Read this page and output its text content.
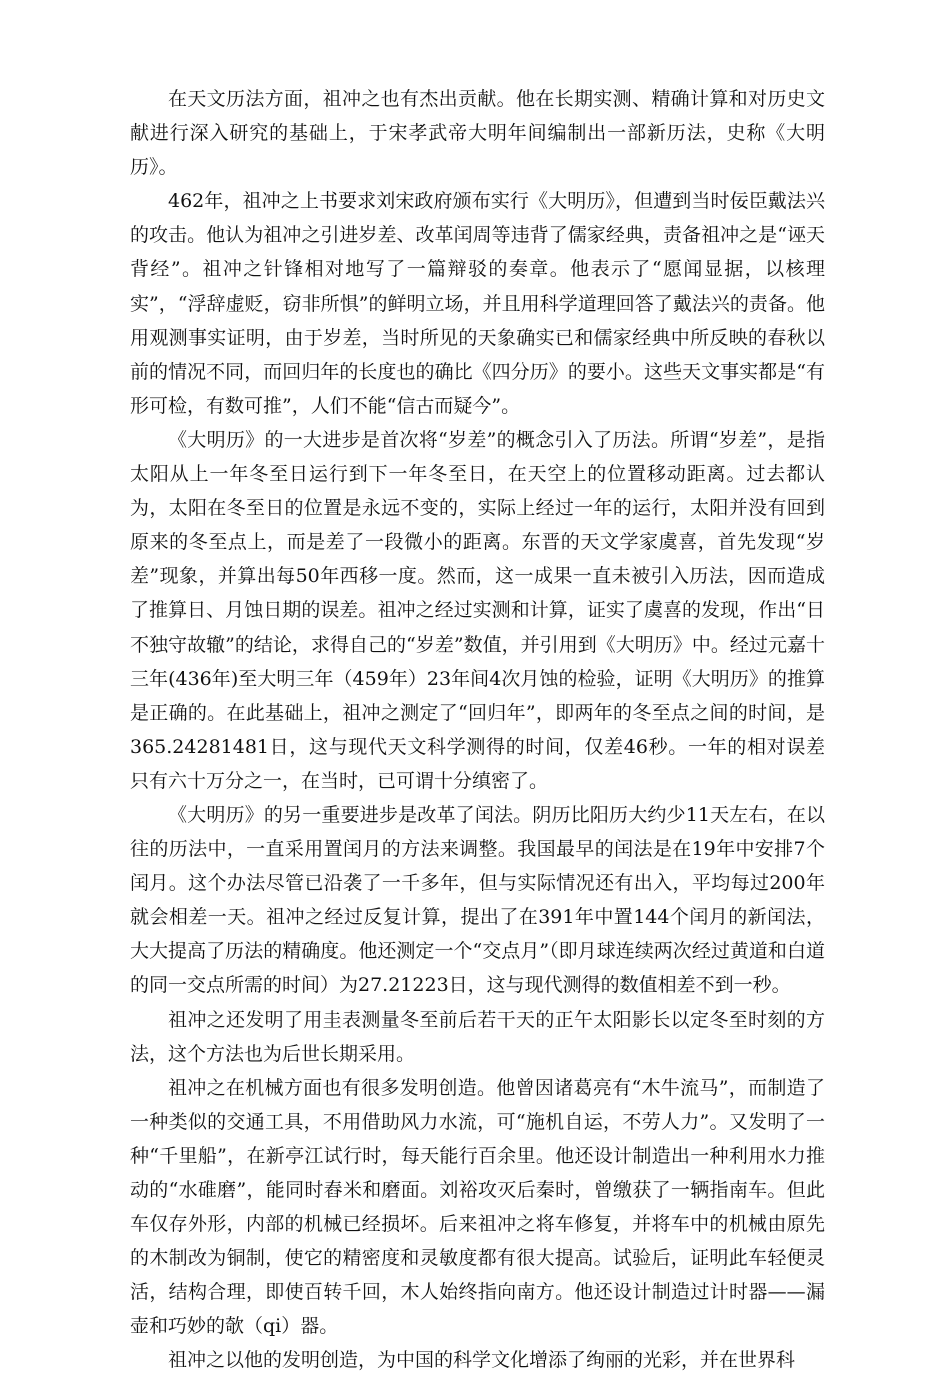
在天文历法方面，祖冲之也有杰出贡献。他在长期实测、精确计算和对历史文献进行深入研究的基础上，于宋孝武帝大明年间编制出一部新历法，史称《大明历》。

462年，祖冲之上书要求刘宋政府颁布实行《大明历》，但遭到当时佞臣戴法兴的攻击。他认为祖冲之引进岁差、改革闰周等违背了儒家经典，责备祖冲之是“诬天背经”。祖冲之针锋相对地写了一篇辩驳的奏章。他表示了“愿闻显据，以核理实”，“浮辞虚贬，窃非所惧”的鲜明立场，并且用科学道理回答了戴法兴的责备。他用观测事实证明，由于岁差，当时所见的天象确实已和儒家经典中所反映的春秋以前的情况不同，而回归年的长度也的确比《四分历》的要小。这些天文事实都是“有形可检，有数可推”，人们不能“信古而疑今”。

《大明历》的一大进步是首次将“岁差”的概念引入了历法。所谓“岁差”，是指太阳从上一年冬至日运行到下一年冬至日，在天空上的位置移动距离。过去都认为，太阳在冬至日的位置是永远不变的，实际上经过一年的运行，太阳并没有回到原来的冬至点上，而是差了一段微小的距离。东晋的天文学家虞喜，首先发现“岁差”现象，并算出每50年西移一度。然而，这一成果一直未被引入历法，因而造成了推算日、月蚀日期的误差。祖冲之经过实测和计算，证实了虞喜的发现，作出“日不独守故辙”的结论，求得自己的“岁差”数值，并引用到《大明历》中。经过元嘉十三年(436年)至大明三年（459年）23年间4次月蚀的检验，证明《大明历》的推算是正确的。在此基础上，祖冲之测定了“回归年”，即两年的冬至点之间的时间，是365.24281481日，这与现代天文科学测得的时间，仅差46秒。一年的相对误差只有六十万分之一，在当时，已可谓十分缜密了。

《大明历》的另一重要进步是改革了闰法。阴历比阳历大约少11天左右，在以往的历法中，一直采用置闰月的方法来调整。我国最早的闰法是在19年中安排7个闰月。这个办法尽管已沿袭了一千多年，但与实际情况还有出入，平均每过200年就会相差一天。祖冲之经过反复计算，提出了在391年中置144个闰月的新闰法，大大提高了历法的精确度。他还测定一个“交点月”（即月球连续两次经过黄道和白道的同一交点所需的时间）为27.21223日，这与现代测得的数值相差不到一秒。

祖冲之还发明了用圭表测量冬至前后若干天的正午太阳影长以定冬至时刻的方法，这个方法也为后世长期采用。

祖冲之在机械方面也有很多发明创造。他曾因诸葛亮有“木牛流马”，而制造了一种类似的交通工具，不用借助风力水流，可“施机自运，不劳人力”。又发明了一种“千里船”，在新亭江试行时，每天能行百余里。他还设计制造出一种利用水力推动的“水碓磨”，能同时舂米和磨面。刘裕攻灭后秦时，曾缴获了一辆指南车。但此车仅存外形，内部的机械已经损坏。后来祖冲之将车修复，并将车中的机械由原先的木制改为铜制，使它的精密度和灵敏度都有很大提高。试验后，证明此车轻便灵活，结构合理，即使百转千回，木人始终指向南方。他还设计制造过计时器——漏壶和巧妙的欹（qi）器。

祖冲之以他的发明创造，为中国的科学文化增添了绚丽的光彩，并在世界科
